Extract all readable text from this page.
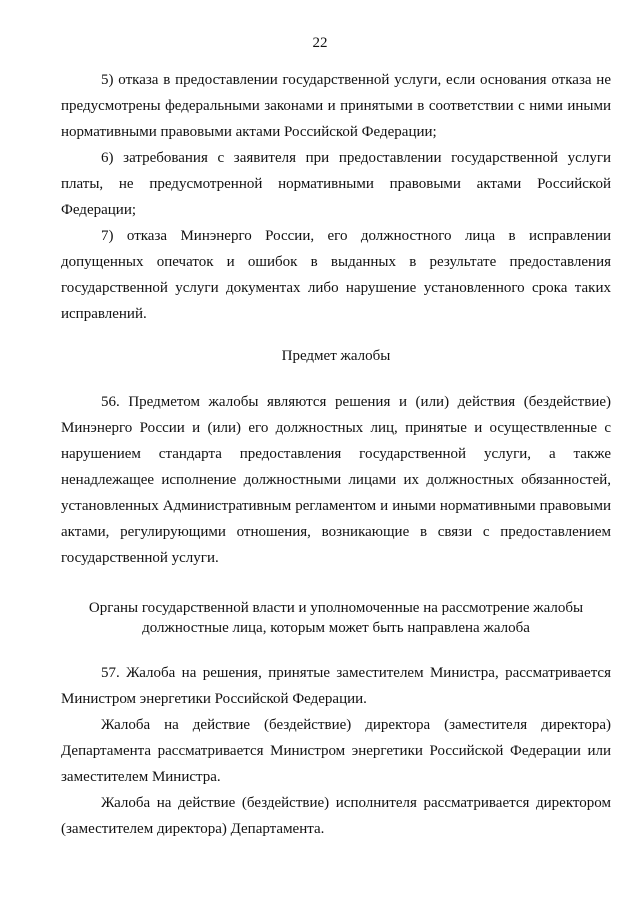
22

5) отказа в предоставлении государственной услуги, если основания отказа не предусмотрены федеральными законами и принятыми в соответствии с ними иными нормативными правовыми актами Российской Федерации;

6) затребования с заявителя при предоставлении государственной услуги платы, не предусмотренной нормативными правовыми актами Российской Федерации;

7) отказа Минэнерго России, его должностного лица в исправлении допущенных опечаток и ошибок в выданных в результате предоставления государственной услуги документах либо нарушение установленного срока таких исправлений.

Предмет жалобы

56. Предметом жалобы являются решения и (или) действия (бездействие) Минэнерго России и (или) его должностных лиц, принятые и осуществленные с нарушением стандарта предоставления государственной услуги, а также ненадлежащее исполнение должностными лицами их должностных обязанностей, установленных Административным регламентом и иными нормативными правовыми актами, регулирующими отношения, возникающие в связи с предоставлением государственной услуги.

Органы государственной власти и уполномоченные на рассмотрение жалобы
должностные лица, которым может быть направлена жалоба

57. Жалоба на решения, принятые заместителем Министра, рассматривается Министром энергетики Российской Федерации.

Жалоба на действие (бездействие) директора (заместителя директора) Департамента рассматривается Министром энергетики Российской Федерации или заместителем Министра.

Жалоба на действие (бездействие) исполнителя рассматривается директором (заместителем директора) Департамента.
